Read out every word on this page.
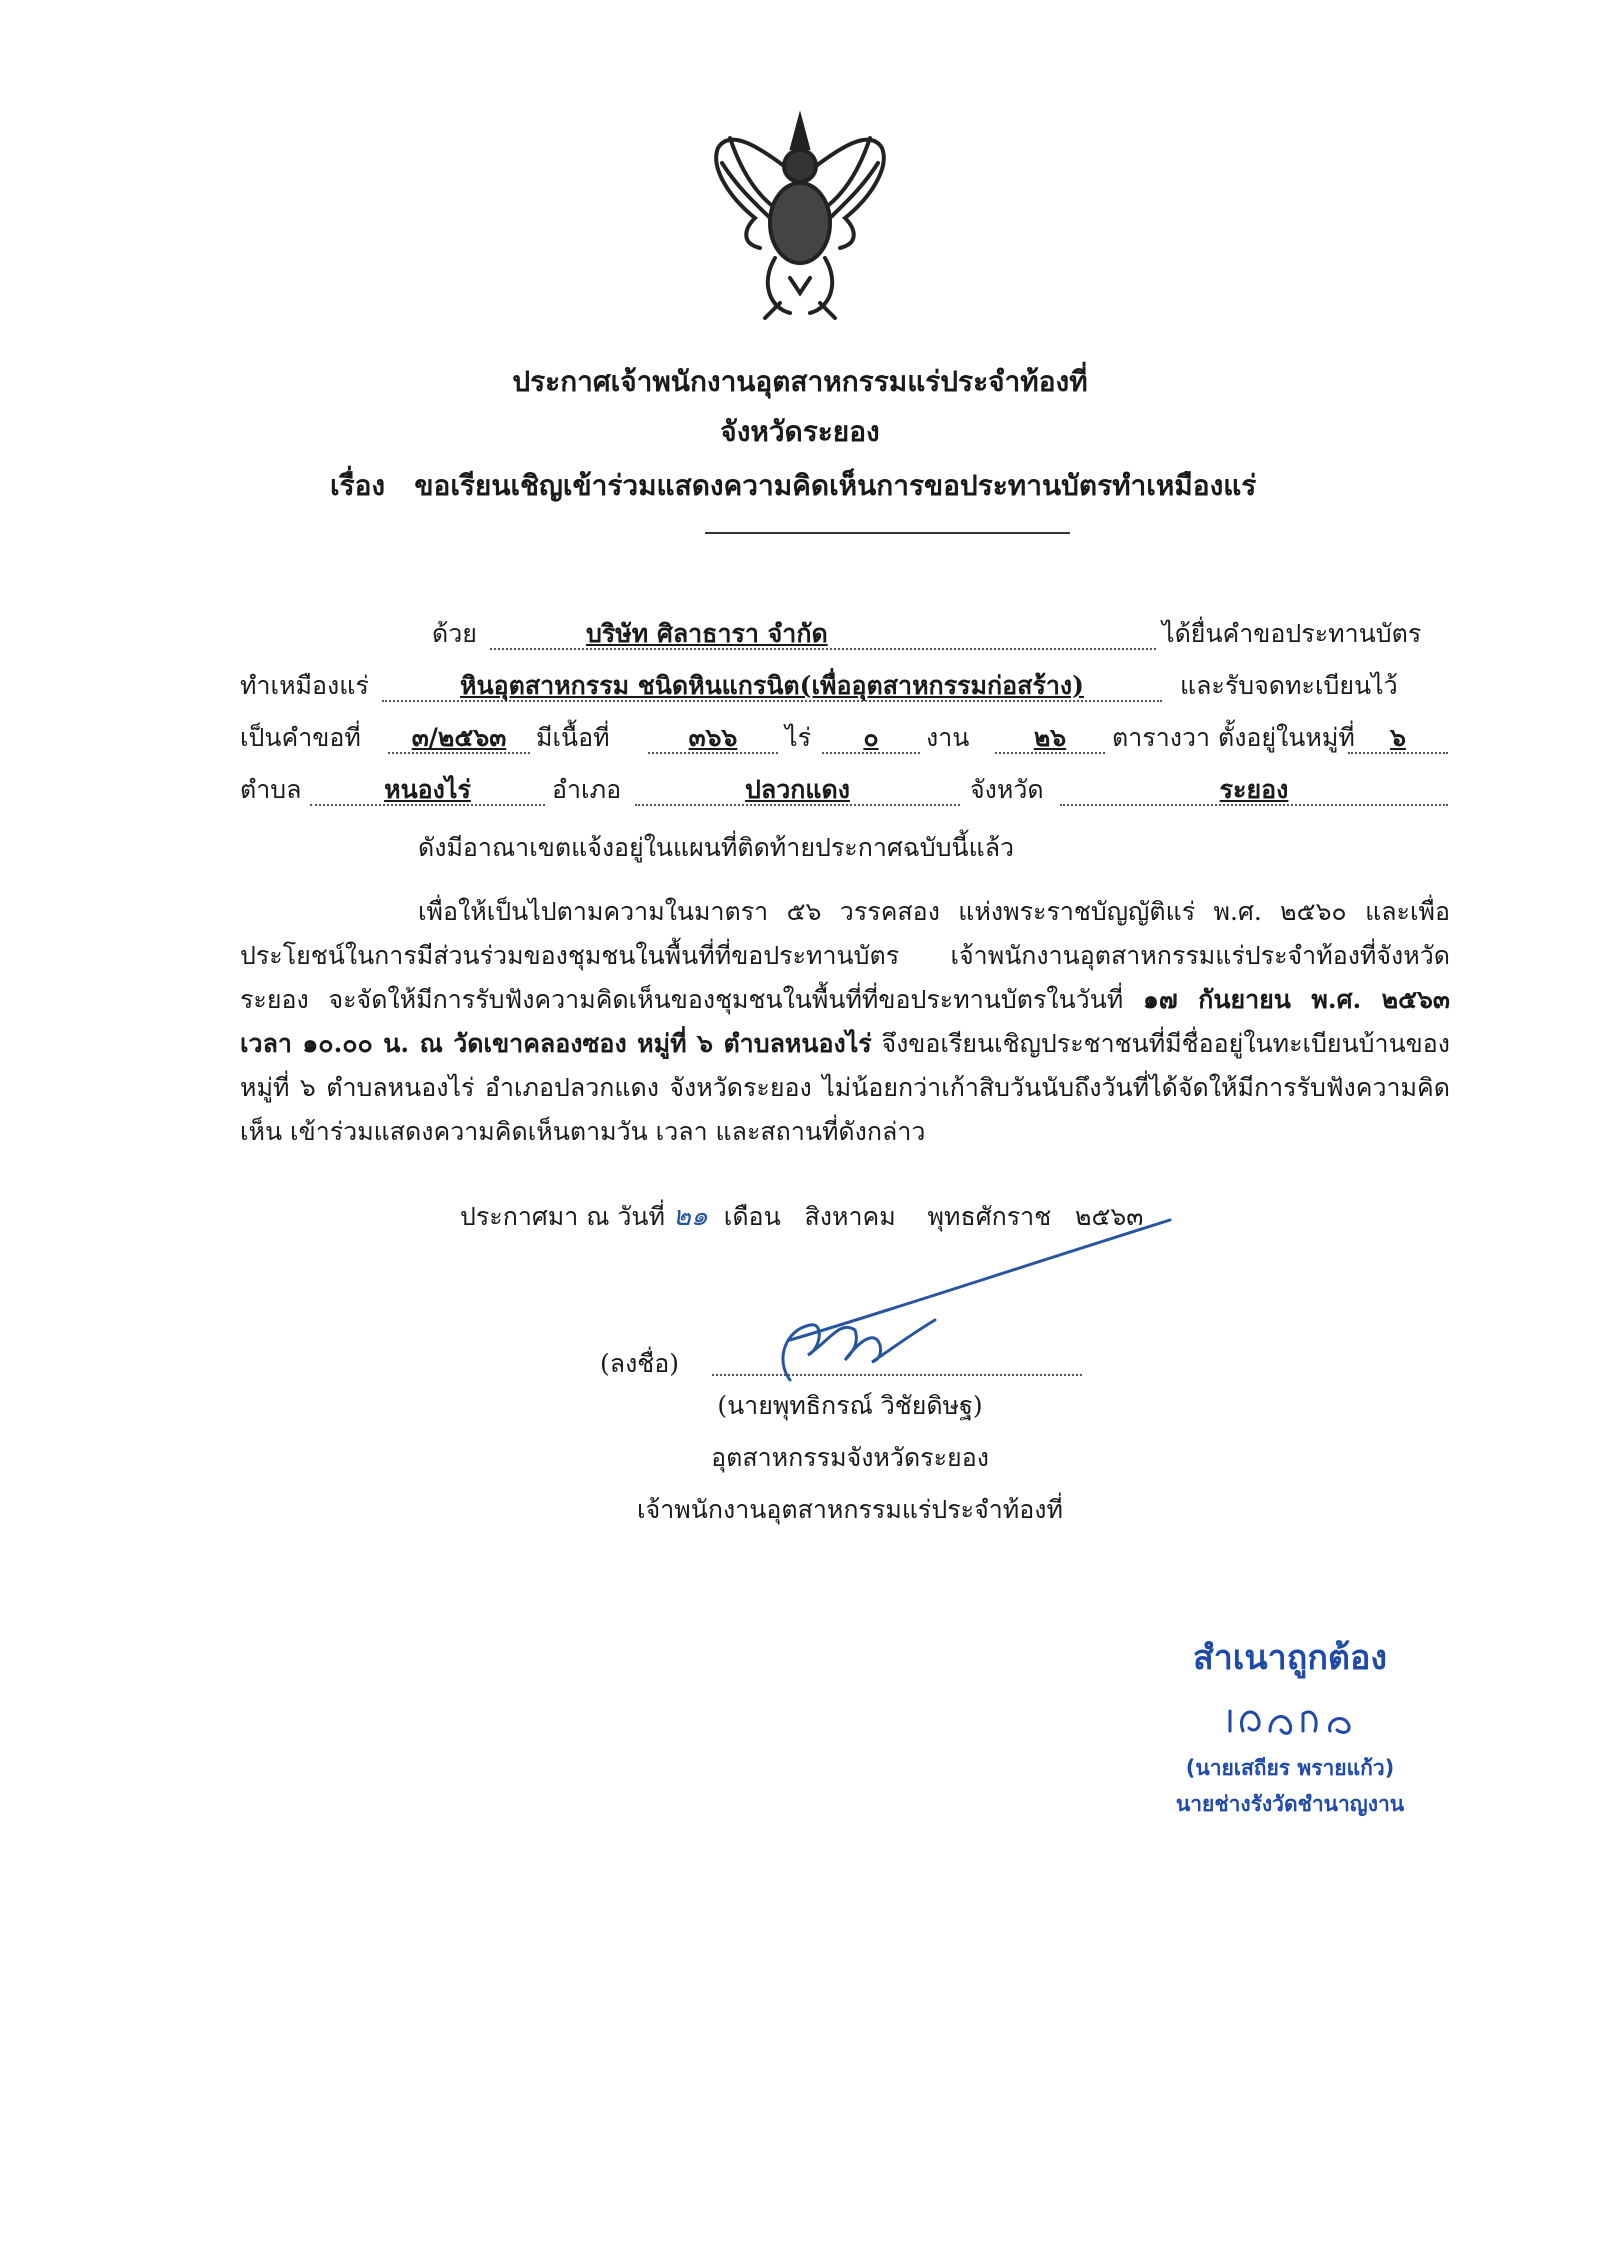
ประกาศเจ้าพนักงานอุตสาหกรรมแร่ประจำท้องที่
จังหวัดระยอง
เรื่อง ขอเรียนเชิญเข้าร่วมแสดงความคิดเห็นการขอประทานบัตรทำเหมืองแร่
ด้วย	บริษัท ศิลาธารา จำกัด	ได้ยื่นคำขอประทานบัตร
ทำเหมืองแร่	หินอุตสาหกรรม ชนิดหินแกรนิต(เพื่ออุตสาหกรรมก่อสร้าง)	และรับจดทะเบียนไว้
เป็นคำขอที่	๓/๒๕๖๓	มีเนื้อที่	๓๖๖	ไร่	๐	งาน	๒๖	ตารางวา ตั้งอยู่ในหมู่ที่	๖
ตำบล	หนองไร่	อำเภอ	ปลวกแดง	จังหวัด	ระยอง

ดังมีอาณาเขตแจ้งอยู่ในแผนที่ติดท้ายประกาศฉบับนี้แล้ว

เพื่อให้เป็นไปตามความในมาตรา ๕๖ วรรคสอง แห่งพระราชบัญญัติแร่ พ.ศ. ๒๕๖๐ และเพื่อประโยชน์ในการมีส่วนร่วมของชุมชนในพื้นที่ที่ขอประทานบัตร เจ้าพนักงานอุตสาหกรรมแร่ประจำท้องที่จังหวัดระยอง จะจัดให้มีการรับฟังความคิดเห็นของชุมชนในพื้นที่ที่ขอประทานบัตรในวันที่ ๑๗ กันยายน พ.ศ. ๒๕๖๓ เวลา ๑๐.๐๐ น. ณ วัดเขาคลองซอง หมู่ที่ ๖ ตำบลหนองไร่ จึงขอเรียนเชิญประชาชนที่มีชื่ออยู่ในทะเบียนบ้านของหมู่ที่ ๖ ตำบลหนองไร่ อำเภอปลวกแดง จังหวัดระยอง ไม่น้อยกว่าเก้าสิบวันนับถึงวันที่ได้จัดให้มีการรับฟังความคิดเห็น เข้าร่วมแสดงความคิดเห็นตามวัน เวลา และสถานที่ดังกล่าว

ประกาศมา ณ วันที่ ๒๑ เดือน สิงหาคม พุทธศักราช ๒๕๖๓
(ลงชื่อ)
(นายพุทธิกรณ์ วิชัยดิษฐ)
อุตสาหกรรมจังหวัดระยอง
เจ้าพนักงานอุตสาหกรรมแร่ประจำท้องที่
สำเนาถูกต้อง
(นายเสถียร พรายแก้ว)
นายช่างรังวัดชำนาญงาน
